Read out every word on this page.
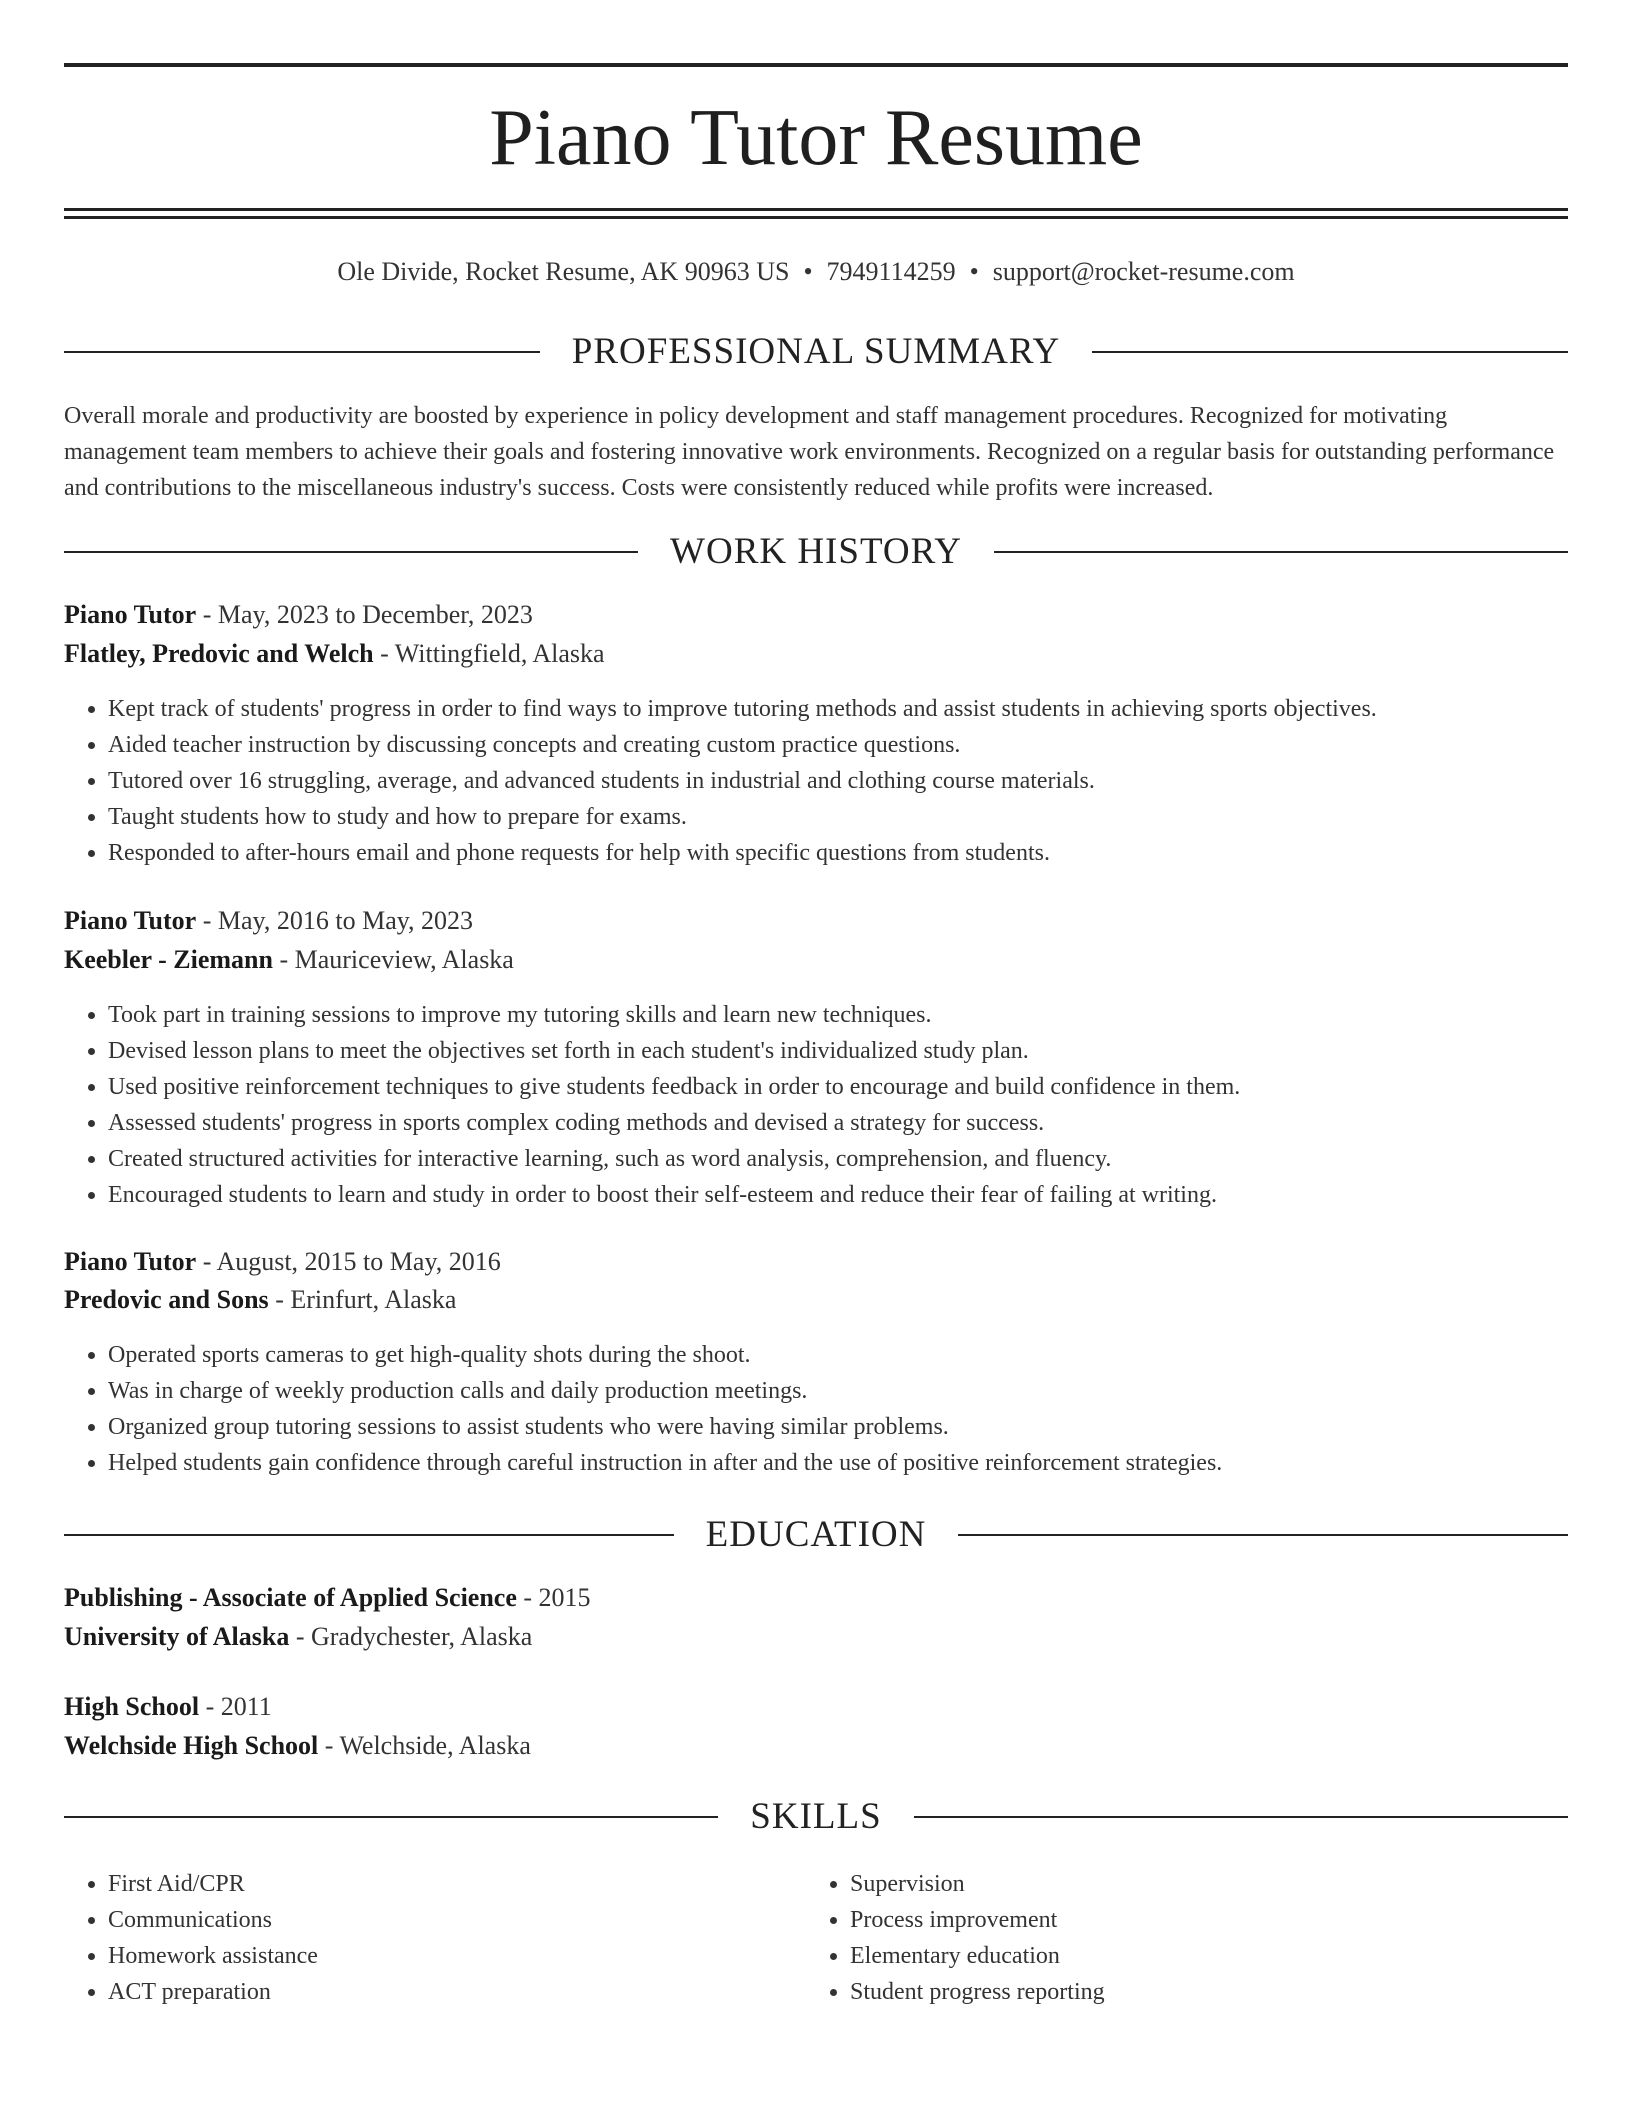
Piano Tutor Resume
Ole Divide, Rocket Resume, AK 90963 US • 7949114259 • support@rocket-resume.com
PROFESSIONAL SUMMARY

Overall morale and productivity are boosted by experience in policy development and staff management procedures. Recognized for motivating management team members to achieve their goals and fostering innovative work environments. Recognized on a regular basis for outstanding performance and contributions to the miscellaneous industry's success. Costs were consistently reduced while profits were increased.

WORK HISTORY
Piano Tutor - May, 2023 to December, 2023
Flatley, Predovic and Welch - Wittingfield, Alaska
• Kept track of students' progress in order to find ways to improve tutoring methods and assist students in achieving sports objectives.
• Aided teacher instruction by discussing concepts and creating custom practice questions.
• Tutored over 16 struggling, average, and advanced students in industrial and clothing course materials.
• Taught students how to study and how to prepare for exams.
• Responded to after-hours email and phone requests for help with specific questions from students.
Piano Tutor - May, 2016 to May, 2023
Keebler - Ziemann - Mauriceview, Alaska
• Took part in training sessions to improve my tutoring skills and learn new techniques.
• Devised lesson plans to meet the objectives set forth in each student's individualized study plan.
• Used positive reinforcement techniques to give students feedback in order to encourage and build confidence in them.
• Assessed students' progress in sports complex coding methods and devised a strategy for success.
• Created structured activities for interactive learning, such as word analysis, comprehension, and fluency.
• Encouraged students to learn and study in order to boost their self-esteem and reduce their fear of failing at writing.
Piano Tutor - August, 2015 to May, 2016
Predovic and Sons - Erinfurt, Alaska
• Operated sports cameras to get high-quality shots during the shoot.
• Was in charge of weekly production calls and daily production meetings.
• Organized group tutoring sessions to assist students who were having similar problems.
• Helped students gain confidence through careful instruction in after and the use of positive reinforcement strategies.
EDUCATION
Publishing - Associate of Applied Science - 2015
University of Alaska - Gradychester, Alaska
High School - 2011
Welchside High School - Welchside, Alaska
SKILLS
• First Aid/CPR
• Communications
• Homework assistance
• ACT preparation
• Supervision
• Process improvement
• Elementary education
• Student progress reporting
